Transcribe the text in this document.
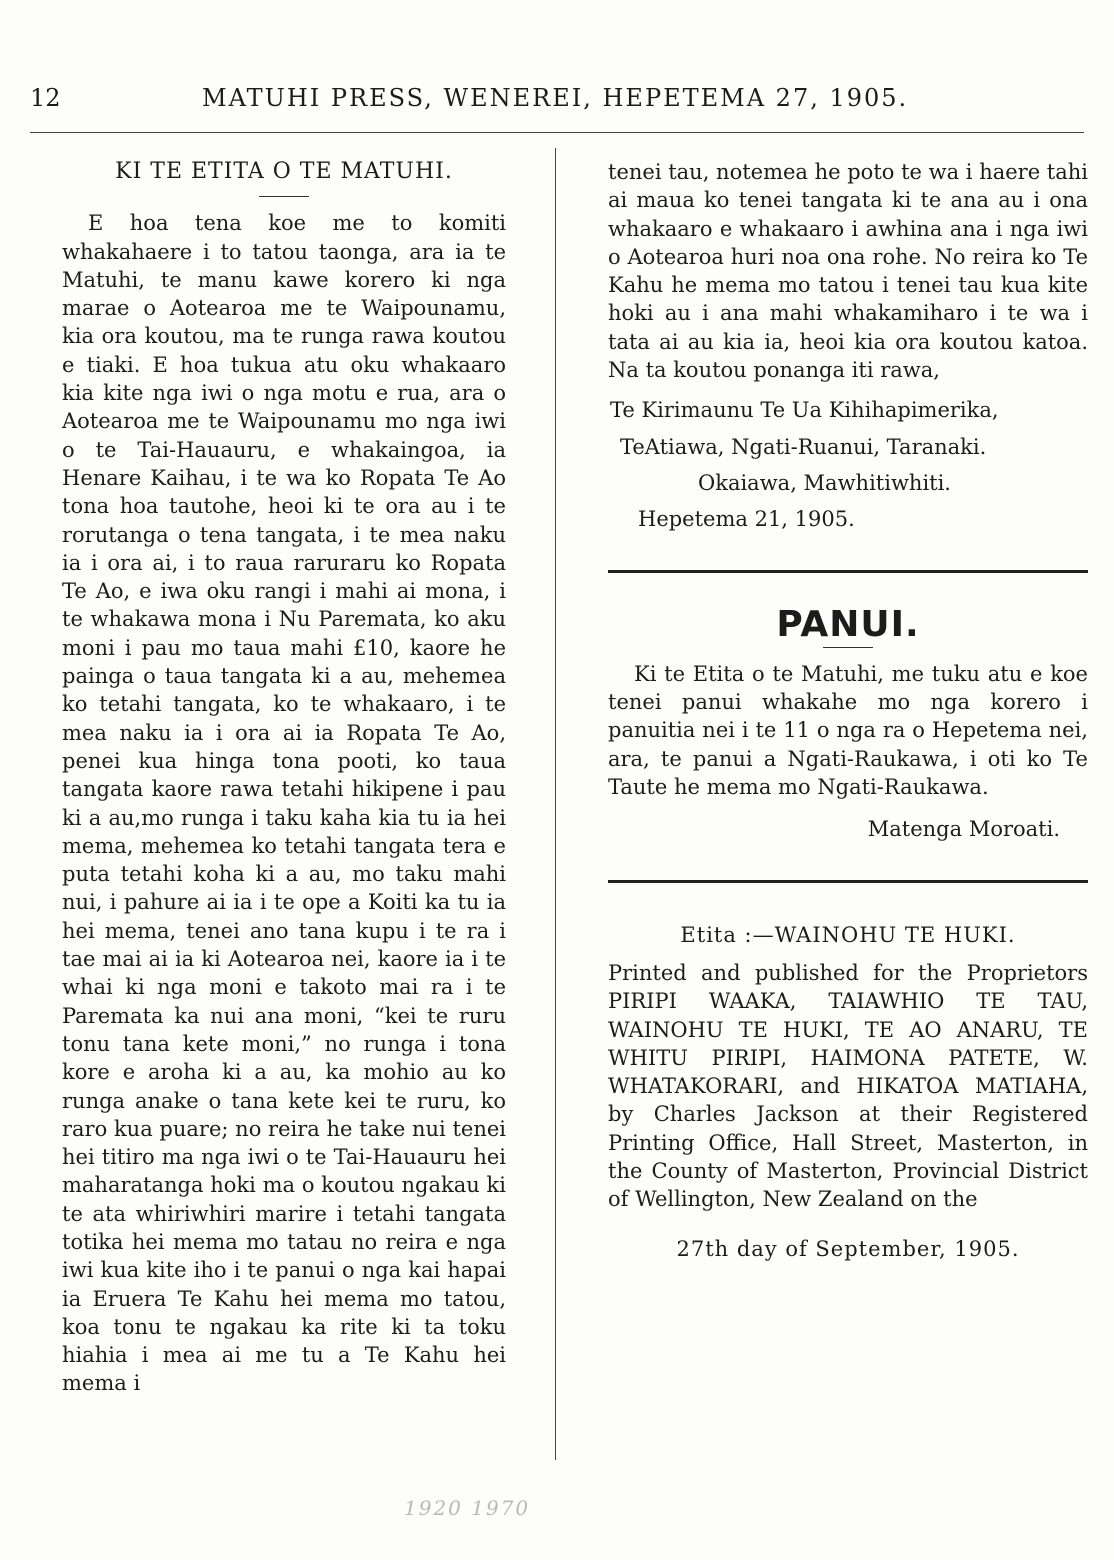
12	MATUHI PRESS, WENEREI, HEPETEMA 27, 1905.
KI TE ETITA O TE MATUHI.

E hoa tena koe me to komiti whakahaere i to tatou taonga, ara ia te Matuhi, te manu kawe korero ki nga marae o Aotearoa me te Waipounamu, kia ora koutou, ma te runga rawa koutou e tiaki. E hoa tukua atu oku whakaaro kia kite nga iwi o nga motu e rua, ara o Aotearoa me te Waipounamu mo nga iwi o te Tai-Hauauru, e whakaingoa, ia Henare Kaihau, i te wa ko Ropata Te Ao tona hoa tautohe, heoi ki te ora au i te rorutanga o tena tangata, i te mea naku ia i ora ai, i to raua raruraru ko Ropata Te Ao, e iwa oku rangi i mahi ai mona, i te whakawa mona i Nu Paremata, ko aku moni i pau mo taua mahi £10, kaore he painga o taua tangata ki a au, mehemea ko tetahi tangata, ko te whakaaro, i te mea naku ia i ora ai ia Ropata Te Ao, penei kua hinga tona pooti, ko taua tangata kaore rawa tetahi hikipene i pau ki a au,mo runga i taku kaha kia tu ia hei mema, mehemea ko tetahi tangata tera e puta tetahi koha ki a au, mo taku mahi nui, i pahure ai ia i te ope a Koiti ka tu ia hei mema, tenei ano tana kupu i te ra i tae mai ai ia ki Aotearoa nei, kaore ia i te whai ki nga moni e takoto mai ra i te Paremata ka nui ana moni, “kei te ruru tonu tana kete moni,” no runga i tona kore e aroha ki a au, ka mohio au ko runga anake o tana kete kei te ruru, ko raro kua puare; no reira he take nui tenei hei titiro ma nga iwi o te Tai-Hauauru hei maharatanga hoki ma o koutou ngakau ki te ata whiriwhiri marire i tetahi tangata totika hei mema mo tatau no reira e nga iwi kua kite iho i te panui o nga kai hapai ia Eruera Te Kahu hei mema mo tatou, koa tonu te ngakau ka rite ki ta toku hiahia i mea ai me tu a Te Kahu hei mema i

tenei tau, notemea he poto te wa i haere tahi ai maua ko tenei tangata ki te ana au i ona whakaaro e whakaaro i awhina ana i nga iwi o Aotearoa huri noa ona rohe. No reira ko Te Kahu he mema mo tatou i tenei tau kua kite hoki au i ana mahi whakamiharo i te wa i tata ai au kia ia, heoi kia ora koutou katoa. Na ta koutou ponanga iti rawa,

Te Kirimaunu Te Ua Kihihapimerika,

TeAtiawa, Ngati-Ruanui, Taranaki.

Okaiawa, Mawhitiwhiti.

Hepetema 21, 1905.

PANUI.

Ki te Etita o te Matuhi, me tuku atu e koe tenei panui whakahe mo nga korero i panuitia nei i te 11 o nga ra o Hepetema nei, ara, te panui a Ngati-Raukawa, i oti ko Te Taute he mema mo Ngati-Raukawa.

Matenga Moroati.

Etita :—WAINOHU TE HUKI.

Printed and published for the Proprietors PIRIPI WAAKA, TAIAWHIO TE TAU, WAINOHU TE HUKI, TE AO ANARU, TE WHITU PIRIPI, HAIMONA PATETE, W. WHATAKORARI, and HIKATOA MATIAHA, by Charles Jackson at their Registered Printing Office, Hall Street, Masterton, in the County of Masterton, Provincial District of Wellington, New Zealand on the

27th day of September, 1905.
1920 1970
